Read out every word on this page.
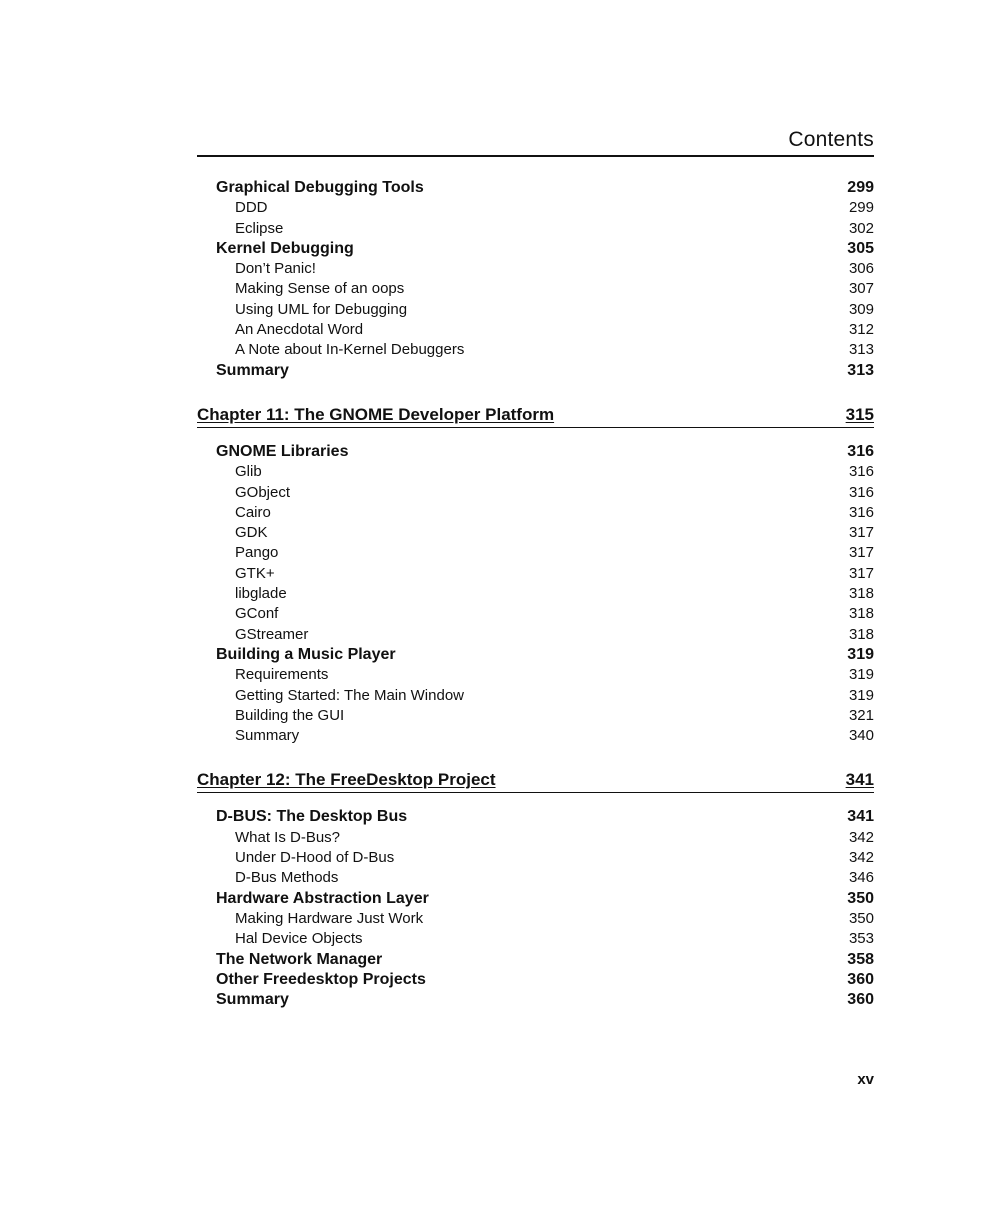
Contents
Graphical Debugging Tools	299
DDD	299
Eclipse	302
Kernel Debugging	305
Don’t Panic!	306
Making Sense of an oops	307
Using UML for Debugging	309
An Anecdotal Word	312
A Note about In-Kernel Debuggers	313
Summary	313
Chapter 11: The GNOME Developer Platform	315
GNOME Libraries	316
Glib	316
GObject	316
Cairo	316
GDK	317
Pango	317
GTK+	317
libglade	318
GConf	318
GStreamer	318
Building a Music Player	319
Requirements	319
Getting Started: The Main Window	319
Building the GUI	321
Summary	340
Chapter 12: The FreeDesktop Project	341
D-BUS: The Desktop Bus	341
What Is D-Bus?	342
Under D-Hood of D-Bus	342
D-Bus Methods	346
Hardware Abstraction Layer	350
Making Hardware Just Work	350
Hal Device Objects	353
The Network Manager	358
Other Freedesktop Projects	360
Summary	360
xv
